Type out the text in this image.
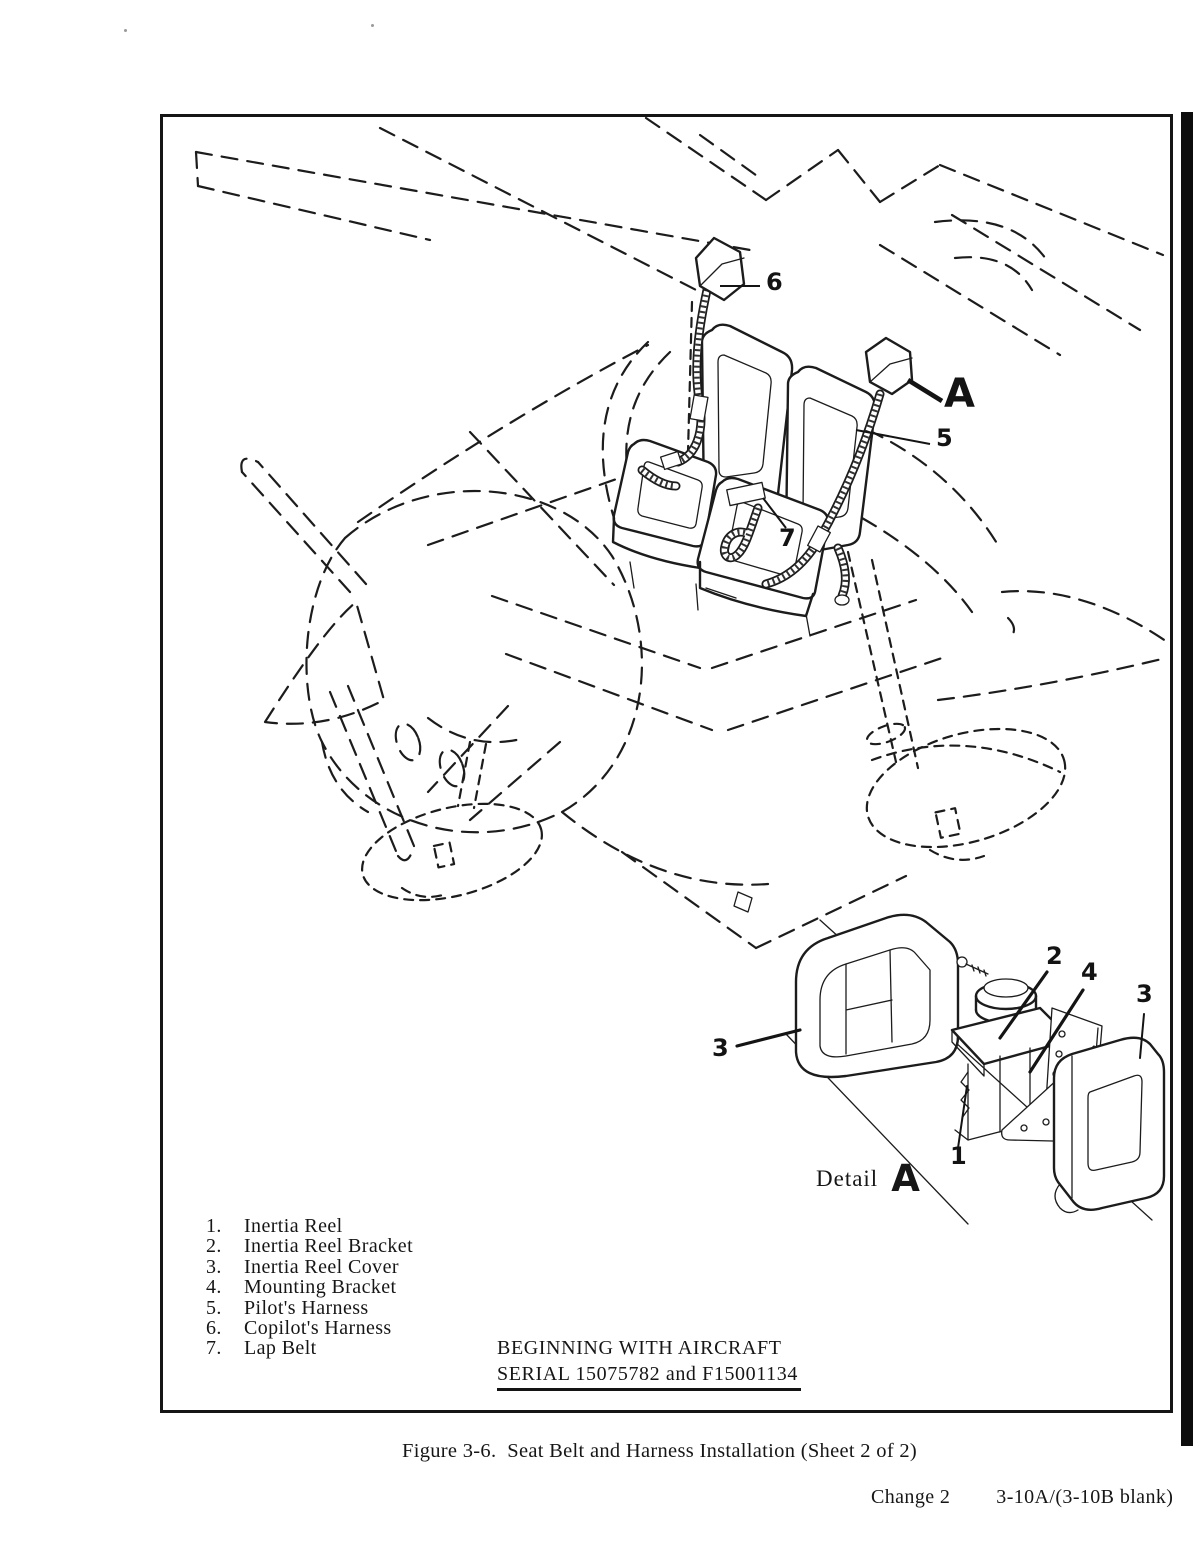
6
A
5
7
2
4
3
3
1
Detail A
1.	Inertia Reel
2.	Inertia Reel Bracket
3.	Inertia Reel Cover
4.	Mounting Bracket
5.	Pilot's Harness
6.	Copilot's Harness
7.	Lap Belt	BEGINNING WITH AIRCRAFT
SERIAL 15075782 and F15001134
Figure 3-6.  Seat Belt and Harness Installation (Sheet 2 of 2)
Change 2 3-10A/(3-10B blank)
